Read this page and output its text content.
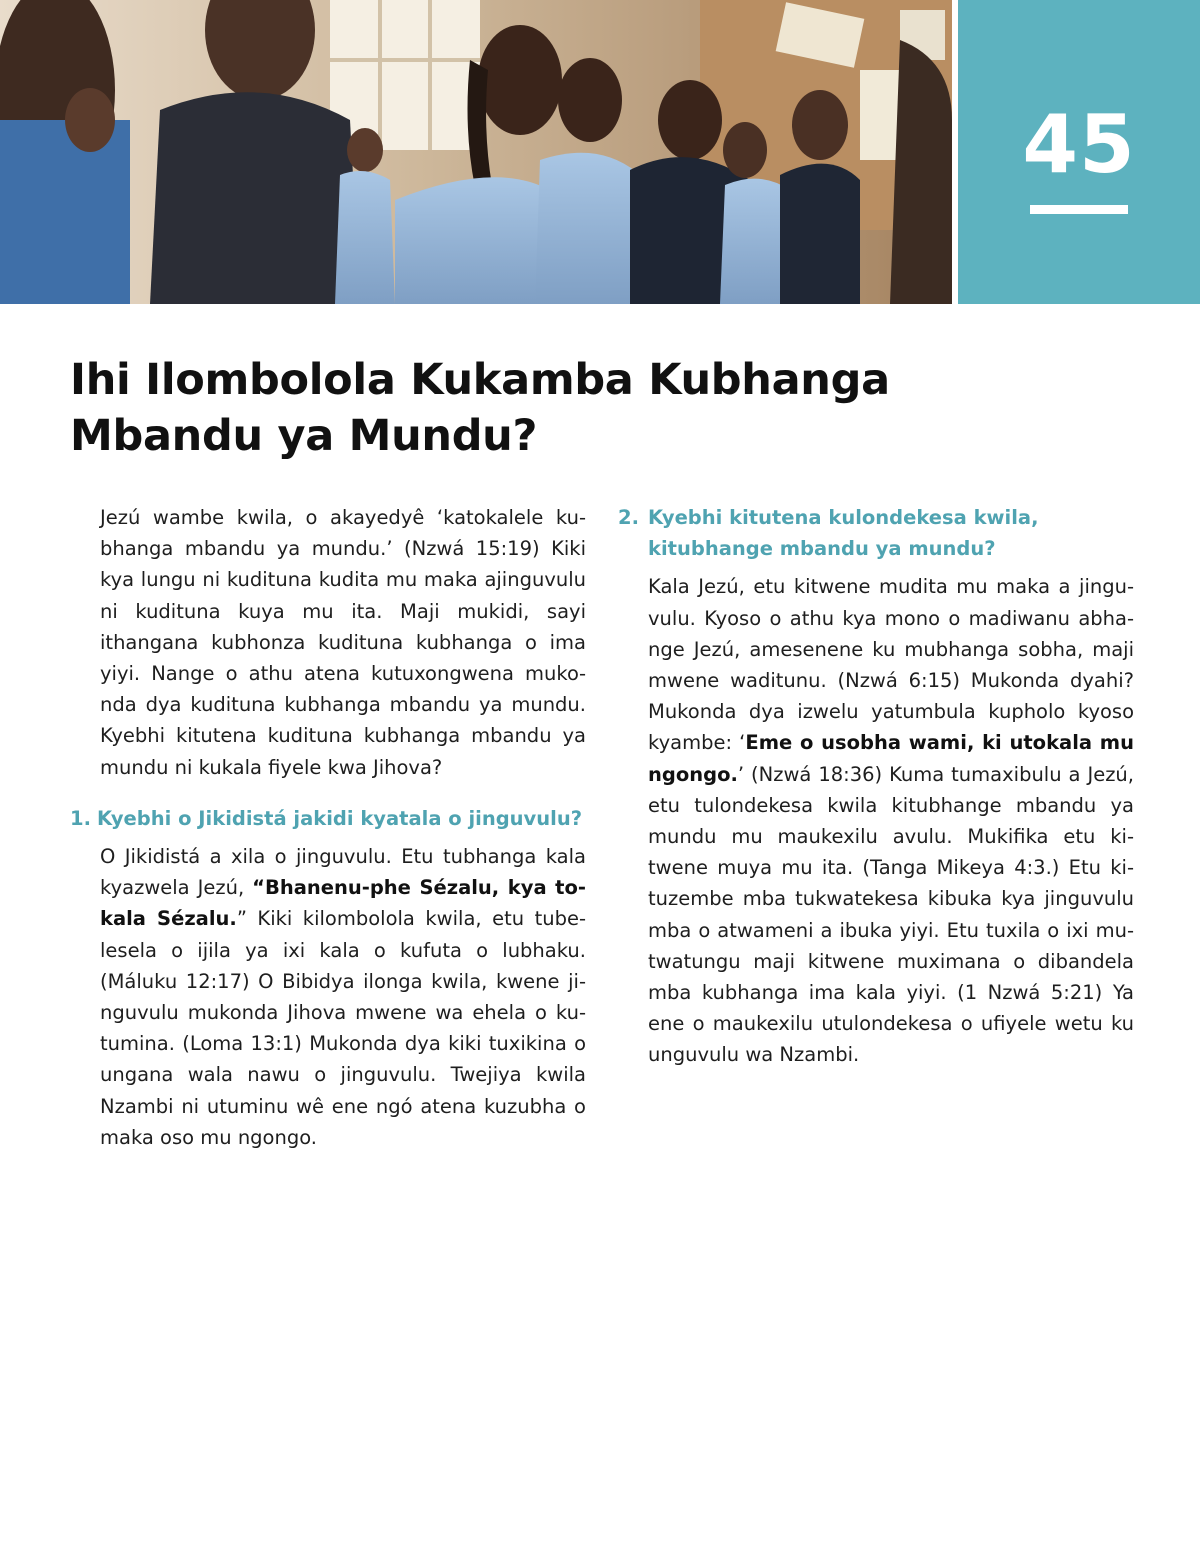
45
Ihi Ilombolola Kukamba Kubhanga
Mbandu ya Mundu?

Jezú wambe kwila, o akayedyê ‘katokalele kubhanga mbandu ya mundu.’ (Nzwá 15:19) Kiki kya lungu ni kudituna kudita mu maka ajinguvulu ni kudituna kuya mu ita. Maji mukidi, sayi ithangana kubhonza kudituna kubhanga o ima yiyi. Nange o athu atena kutuxongwena mukonda dya kudituna kubhanga mbandu ya mundu. Kyebhi kitutena kudituna kubhanga mbandu ya mundu ni kukala fiyele kwa Jihova?

1. Kyebhi o Jikidistá jakidi kyatala o jinguvulu?

O Jikidistá a xila o jinguvulu. Etu tubhanga kala kyazwela Jezú, “Bhanenu-phe Sézalu, kya tokala Sézalu.” Kiki kilombolola kwila, etu tubelesela o ijila ya ixi kala o kufuta o lubhaku. (Máluku 12:17) O Bibidya ilonga kwila, kwene jinguvulu mukonda Jihova mwene wa ehela o kutumina. (Loma 13:1) Mukonda dya kiki tuxikina o ungana wala nawu o jinguvulu. Twejiya kwila Nzambi ni utuminu wê ene ngó atena kuzubha o maka oso mu ngongo.

2. Kyebhi kitutena kulondekesa kwila,
kitubhange mbandu ya mundu?

Kala Jezú, etu kitwene mudita mu maka a jinguvulu. Kyoso o athu kya mono o madiwanu abhange Jezú, amesenene ku mubhanga sobha, maji mwene waditunu. (Nzwá 6:15) Mukonda dyahi? Mukonda dya izwelu yatumbula kupholo kyoso kyambe: ‘Eme o usobha wami, ki utokala mu ngongo.’ (Nzwá 18:36) Kuma tumaxibulu a Jezú, etu tulondekesa kwila kitubhange mbandu ya mundu mu maukexilu avulu. Mukifika etu kitwene muya mu ita. (Tanga Mikeya 4:3.) Etu kituzembe mba tukwatekesa kibuka kya jinguvulu mba o atwameni a ibuka yiyi. Etu tuxila o ixi mutwatungu maji kitwene muximana o dibandela mba kubhanga ima kala yiyi. (1 Nzwá 5:21) Ya ene o maukexilu utulondekesa o ufiyele wetu ku unguvulu wa Nzambi.
